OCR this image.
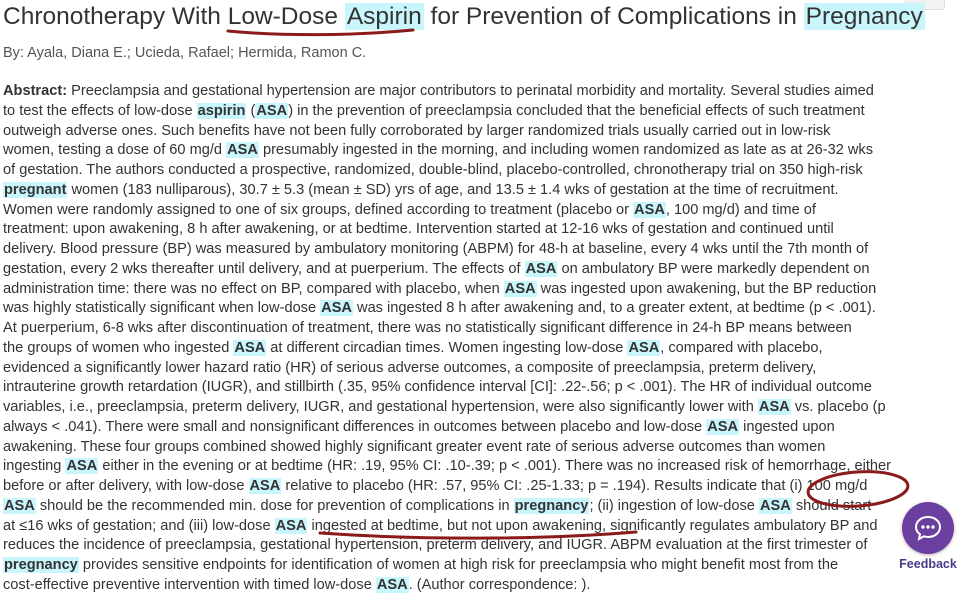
Chronotherapy With Low-Dose Aspirin for Prevention of Complications in Pregnancy
By: Ayala, Diana E.; Ucieda, Rafael; Hermida, Ramon C.

Abstract: Preeclampsia and gestational hypertension are major contributors to perinatal morbidity and mortality. Several studies aimed
to test the effects of low-dose aspirin (ASA) in the prevention of preeclampsia concluded that the beneficial effects of such treatment
outweigh adverse ones. Such benefits have not been fully corroborated by larger randomized trials usually carried out in low-risk
women, testing a dose of 60 mg/d ASA presumably ingested in the morning, and including women randomized as late as at 26-32 wks
of gestation. The authors conducted a prospective, randomized, double-blind, placebo-controlled, chronotherapy trial on 350 high-risk
pregnant women (183 nulliparous), 30.7 ± 5.3 (mean ± SD) yrs of age, and 13.5 ± 1.4 wks of gestation at the time of recruitment.
Women were randomly assigned to one of six groups, defined according to treatment (placebo or ASA, 100 mg/d) and time of
treatment: upon awakening, 8 h after awakening, or at bedtime. Intervention started at 12-16 wks of gestation and continued until
delivery. Blood pressure (BP) was measured by ambulatory monitoring (ABPM) for 48-h at baseline, every 4 wks until the 7th month of
gestation, every 2 wks thereafter until delivery, and at puerperium. The effects of ASA on ambulatory BP were markedly dependent on
administration time: there was no effect on BP, compared with placebo, when ASA was ingested upon awakening, but the BP reduction
was highly statistically significant when low-dose ASA was ingested 8 h after awakening and, to a greater extent, at bedtime (p < .001).
At puerperium, 6-8 wks after discontinuation of treatment, there was no statistically significant difference in 24-h BP means between
the groups of women who ingested ASA at different circadian times. Women ingesting low-dose ASA, compared with placebo,
evidenced a significantly lower hazard ratio (HR) of serious adverse outcomes, a composite of preeclampsia, preterm delivery,
intrauterine growth retardation (IUGR), and stillbirth (.35, 95% confidence interval [CI]: .22-.56; p < .001). The HR of individual outcome
variables, i.e., preeclampsia, preterm delivery, IUGR, and gestational hypertension, were also significantly lower with ASA vs. placebo (p
always < .041). There were small and nonsignificant differences in outcomes between placebo and low-dose ASA ingested upon
awakening. These four groups combined showed highly significant greater event rate of serious adverse outcomes than women
ingesting ASA either in the evening or at bedtime (HR: .19, 95% CI: .10-.39; p < .001). There was no increased risk of hemorrhage, either
before or after delivery, with low-dose ASA relative to placebo (HR: .57, 95% CI: .25-1.33; p = .194). Results indicate that (i) 100 mg/d
ASA should be the recommended min. dose for prevention of complications in pregnancy; (ii) ingestion of low-dose ASA should start
at ≤16 wks of gestation; and (iii) low-dose ASA ingested at bedtime, but not upon awakening, significantly regulates ambulatory BP and
reduces the incidence of preeclampsia, gestational hypertension, preterm delivery, and IUGR. ABPM evaluation at the first trimester of
pregnancy provides sensitive endpoints for identification of women at high risk for preeclampsia who might benefit most from the
cost-effective preventive intervention with timed low-dose ASA. (Author correspondence: ).

Feedback
